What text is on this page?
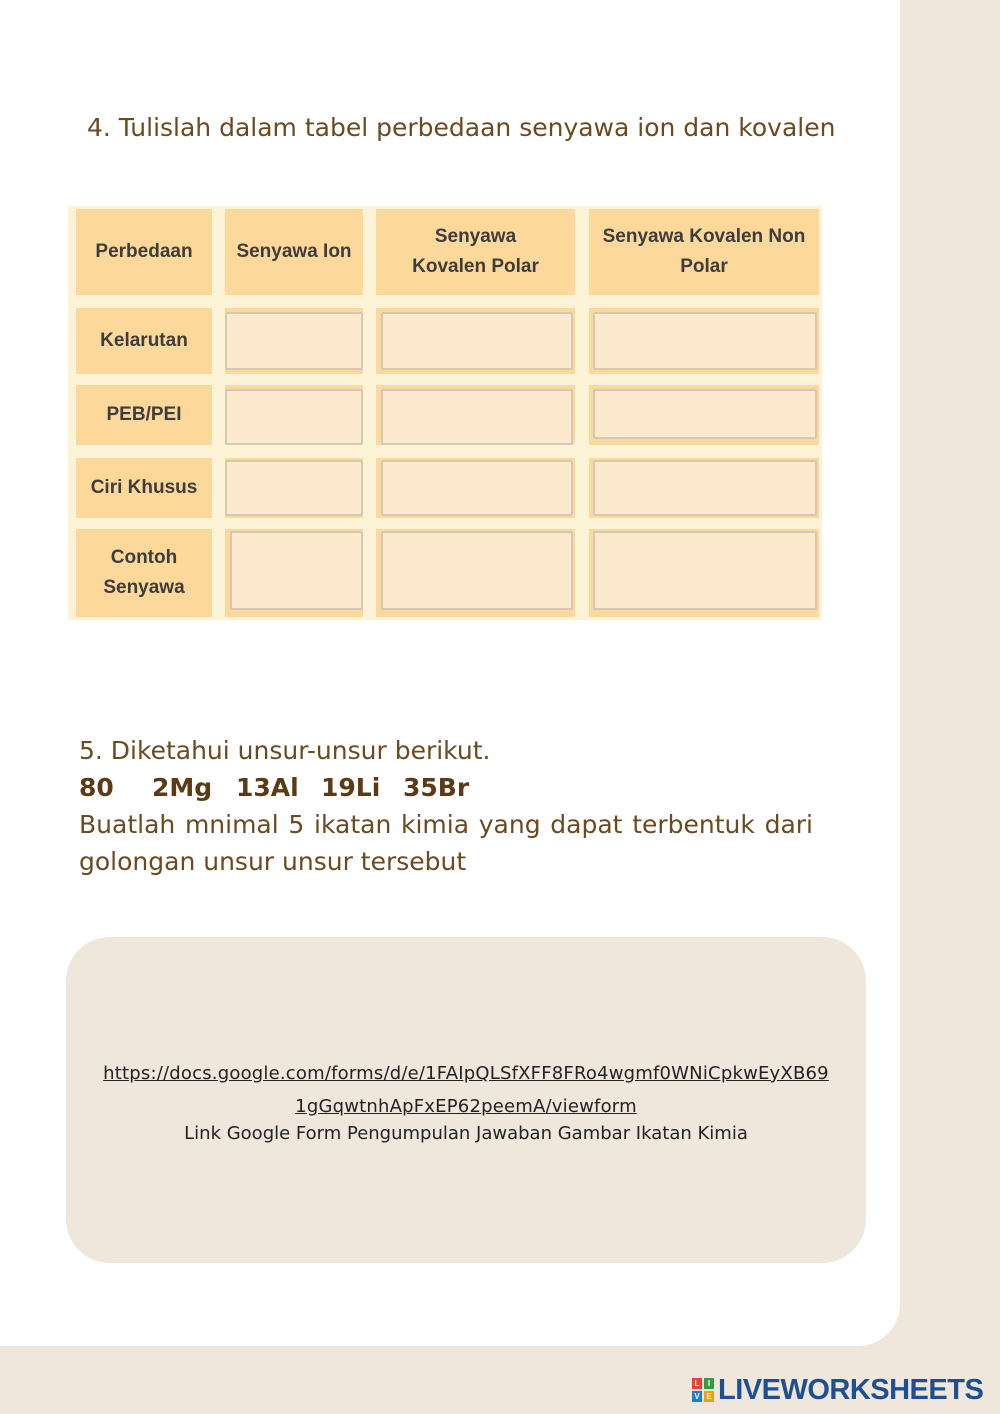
4. Tulislah dalam tabel perbedaan senyawa ion dan kovalen
Perbedaan	Senyawa Ion
Senyawa Kovalen Polar
Senyawa Kovalen Non Polar
Kelarutan
PEB/PEI
Ciri Khusus
Contoh Senyawa
5. Diketahui unsur-unsur berikut.
80 2Mg 13Al 19Li 35Br
Buatlah mnimal 5 ikatan kimia yang dapat terbentuk dari golongan unsur unsur tersebut
https://docs.google.com/forms/d/e/1FAIpQLSfXFF8FRo4wgmf0WNiCpkwEyXB69
1gGqwtnhApFxEP62peemA/viewform
Link Google Form Pengumpulan Jawaban Gambar Ikatan Kimia
L	I
V E LIVEWORKSHEETS
